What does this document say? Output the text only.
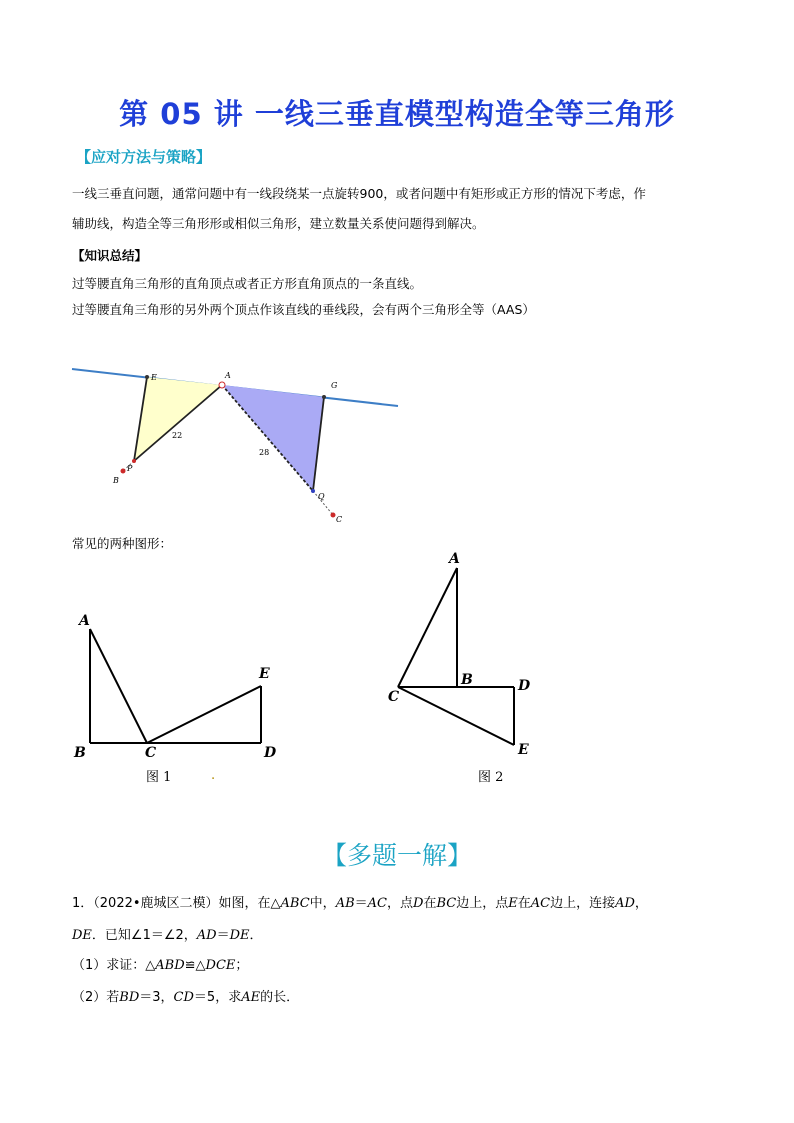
第 05 讲 一线三垂直模型构造全等三角形
【应对方法与策略】
一线三垂直问题，通常问题中有一线段绕某一点旋转900，或者问题中有矩形或正方形的情况下考虑，作
辅助线，构造全等三角形形或相似三角形，建立数量关系使问题得到解决。
【知识总结】
过等腰直角三角形的直角顶点或者正方形直角顶点的一条直线。
过等腰直角三角形的另外两个顶点作该直线的垂线段，会有两个三角形全等（AAS）
E	A
G
P
B
Q
C
22
28
常见的两种图形：
A
B	C	D
E
图 1	.
A
B
C
D
E
图 2
【多题一解】
1．（2022•鹿城区二模）如图，在△ABC中，AB＝AC，点D在BC边上，点E在AC边上，连接AD，
DE．已知∠1＝∠2，AD＝DE．
（1）求证：△ABD≌△DCE；
（2）若BD＝3，CD＝5，求AE的长．
